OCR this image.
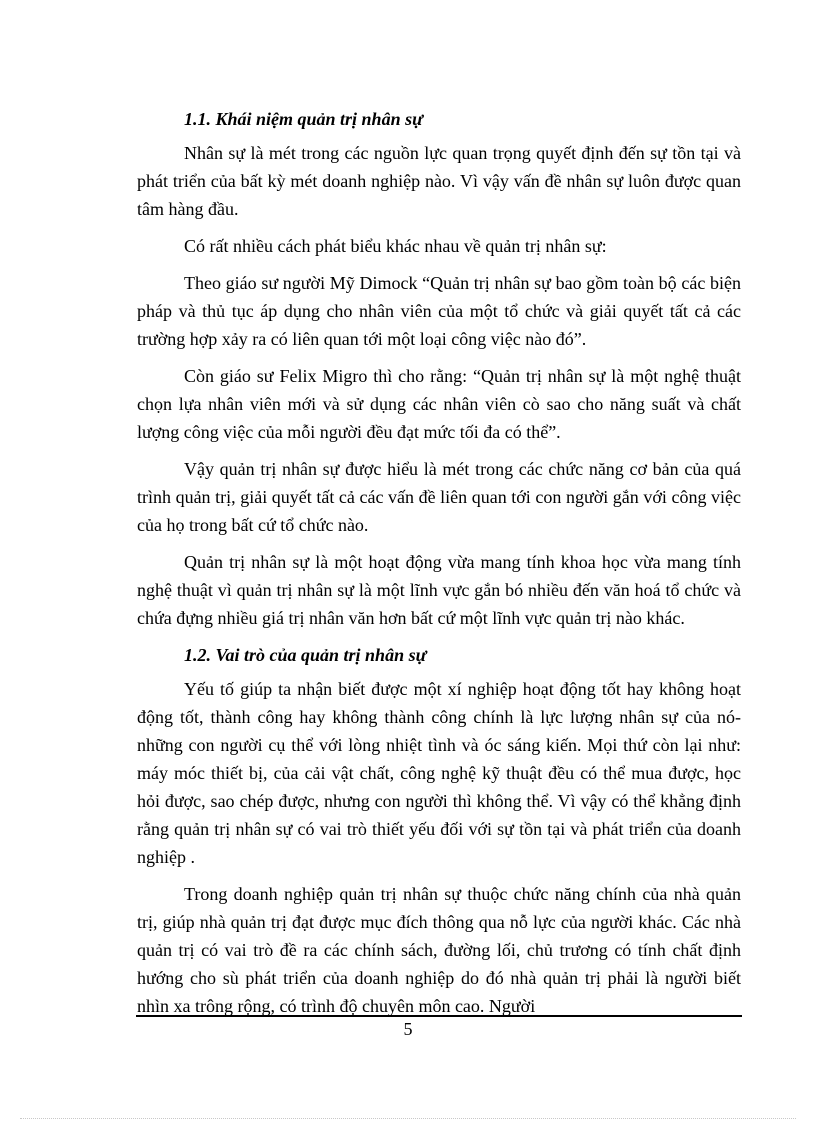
1.1. Khái niệm quản trị nhân sự

Nhân sự là mét trong các nguồn lực quan trọng quyết định đến sự tồn tại và phát triển của bất kỳ mét doanh nghiệp nào. Vì vậy vấn đề nhân sự luôn được quan tâm hàng đầu.

Có rất nhiều cách phát biểu khác nhau về quản trị nhân sự:

Theo giáo sư người Mỹ Dimock “Quản trị nhân sự bao gồm toàn bộ các biện pháp và thủ tục áp dụng cho nhân viên của một tổ chức và giải quyết tất cả các trường hợp xảy ra có liên quan tới một loại công việc nào đó”.

Còn giáo sư Felix Migro thì cho rằng: “Quản trị nhân sự là một nghệ thuật chọn lựa nhân viên mới và sử dụng các nhân viên cò sao cho năng suất và chất lượng công việc của mỗi người đều đạt mức tối đa có thể”.

Vậy quản trị nhân sự được hiểu là mét trong các chức năng cơ bản của quá trình quản trị, giải quyết tất cả các vấn đề liên quan tới con người gắn với công việc của họ trong bất cứ tổ chức nào.

Quản trị nhân sự là một hoạt động vừa mang tính khoa học vừa mang tính nghệ thuật vì quản trị nhân sự là một lĩnh vực gắn bó nhiều đến văn hoá tổ chức và chứa đựng nhiều giá trị nhân văn hơn bất cứ một lĩnh vực quản trị nào khác.

1.2. Vai trò của quản trị nhân sự

Yếu tố giúp ta nhận biết được một xí nghiệp hoạt động tốt hay không hoạt động tốt, thành công hay không thành công chính là lực lượng nhân sự của nó- những con người cụ thể với lòng nhiệt tình và óc sáng kiến. Mọi thứ còn lại như: máy móc thiết bị, của cải vật chất, công nghệ kỹ thuật đều có thể mua được, học hỏi được, sao chép được, nhưng con người thì không thể. Vì vậy có thể khẳng định rằng quản trị nhân sự có vai trò thiết yếu đối với sự tồn tại và phát triển của doanh nghiệp .

Trong doanh nghiệp quản trị nhân sự thuộc chức năng chính của nhà quản trị, giúp nhà quản trị đạt được mục đích thông qua nỗ lực của người khác. Các nhà quản trị có vai trò đề ra các chính sách, đường lối, chủ trương có tính chất định hướng cho sù phát triển của doanh nghiệp do đó nhà quản trị phải là người biết nhìn xa trông rộng, có trình độ chuyên môn cao. Người

5
